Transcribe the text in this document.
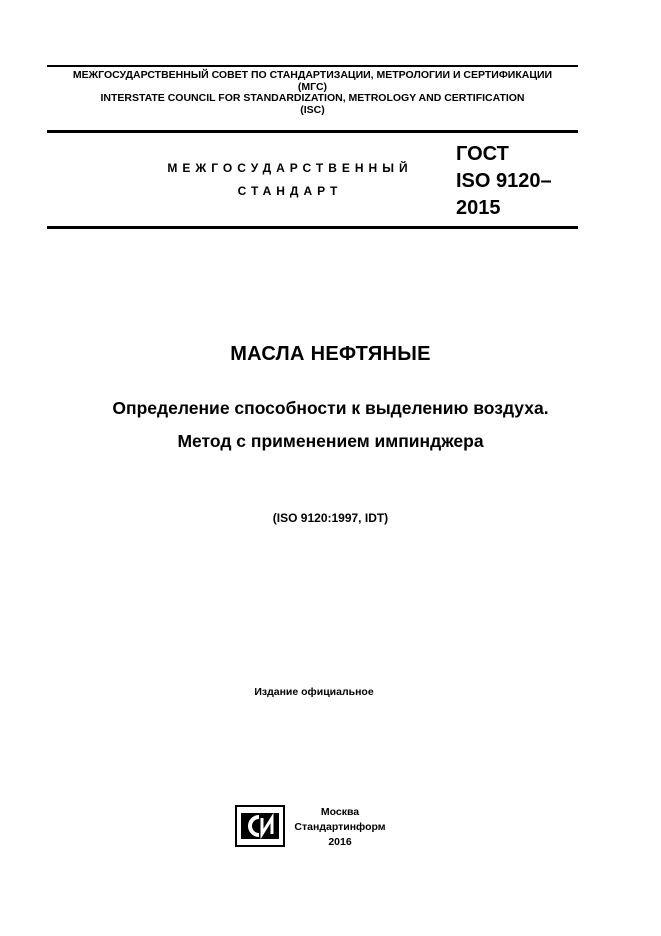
МЕЖГОСУДАРСТВЕННЫЙ СОВЕТ ПО СТАНДАРТИЗАЦИИ, МЕТРОЛОГИИ И СЕРТИФИКАЦИИ
(МГС)
INTERSTATE COUNCIL FOR STANDARDIZATION, METROLOGY AND CERTIFICATION
(ISC)
МЕЖГОСУДАРСТВЕННЫЙ
СТАНДАРТ
ГОСТ
ISO 9120–
2015
МАСЛА НЕФТЯНЫЕ
Определение способности к выделению воздуха.
Метод с применением импинджера
(ISO 9120:1997, IDT)
Издание официальное
Москва
Стандартинформ
2016
